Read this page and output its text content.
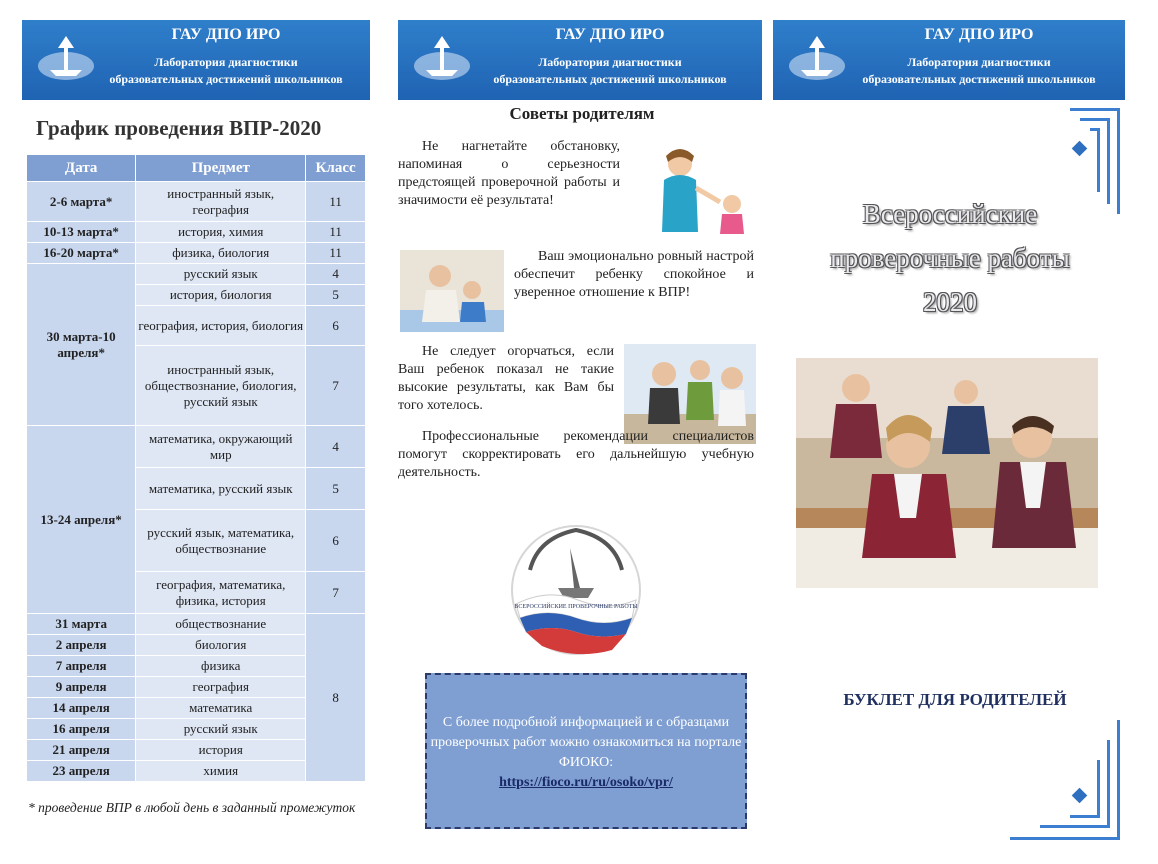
ГАУ ДПО ИРО
Лаборатория диагностики
образовательных достижений школьников
ГАУ ДПО ИРО
Лаборатория диагностики
образовательных достижений школьников
ГАУ ДПО ИРО
Лаборатория диагностики
образовательных достижений школьников
График проведения ВПР-2020
Дата	Предмет	Класс
2-6 марта*	иностранный язык, география	11
10-13 марта*	история, химия	11
16-20 марта*	физика, биология	11
30 марта-10 апреля*	русский язык	4
	история, биология	5
	география, история, биология	6
	иностранный язык, обществознание, биология, русский язык	7
13-24 апреля*	математика, окружающий мир	4
	математика, русский язык	5
	русский язык, математика, обществознание	6
	география, математика, физика, история	7
31 марта	обществознание	8
2 апреля	биология	
7 апреля	физика	
9 апреля	география	
14 апреля	математика	
16 апреля	русский язык	
21 апреля	история	
23 апреля	химия	
* проведение ВПР в любой день в заданный промежуток
Советы родителям
Не нагнетайте обстановку, напоминая о серьезности предстоящей проверочной работы и значимости её результата!
Ваш эмоционально ровный настрой обеспечит ребенку спокойное и уверенное отношение к ВПР!
Не следует огорчаться, если Ваш ребенок показал не такие высокие результаты, как Вам бы того хотелось.
Профессиональные рекомендации специалистов помогут скорректировать его дальнейшую учебную деятельность.
ВСЕРОССИЙСКИЕ ПРОВЕРОЧНЫЕ РАБОТЫ
С более подробной информацией и с образцами проверочных работ можно ознакомиться на портале ФИОКО:
https://fioco.ru/ru/osoko/vpr/
Всероссийские
проверочные работы
2020
БУКЛЕТ ДЛЯ РОДИТЕЛЕЙ
